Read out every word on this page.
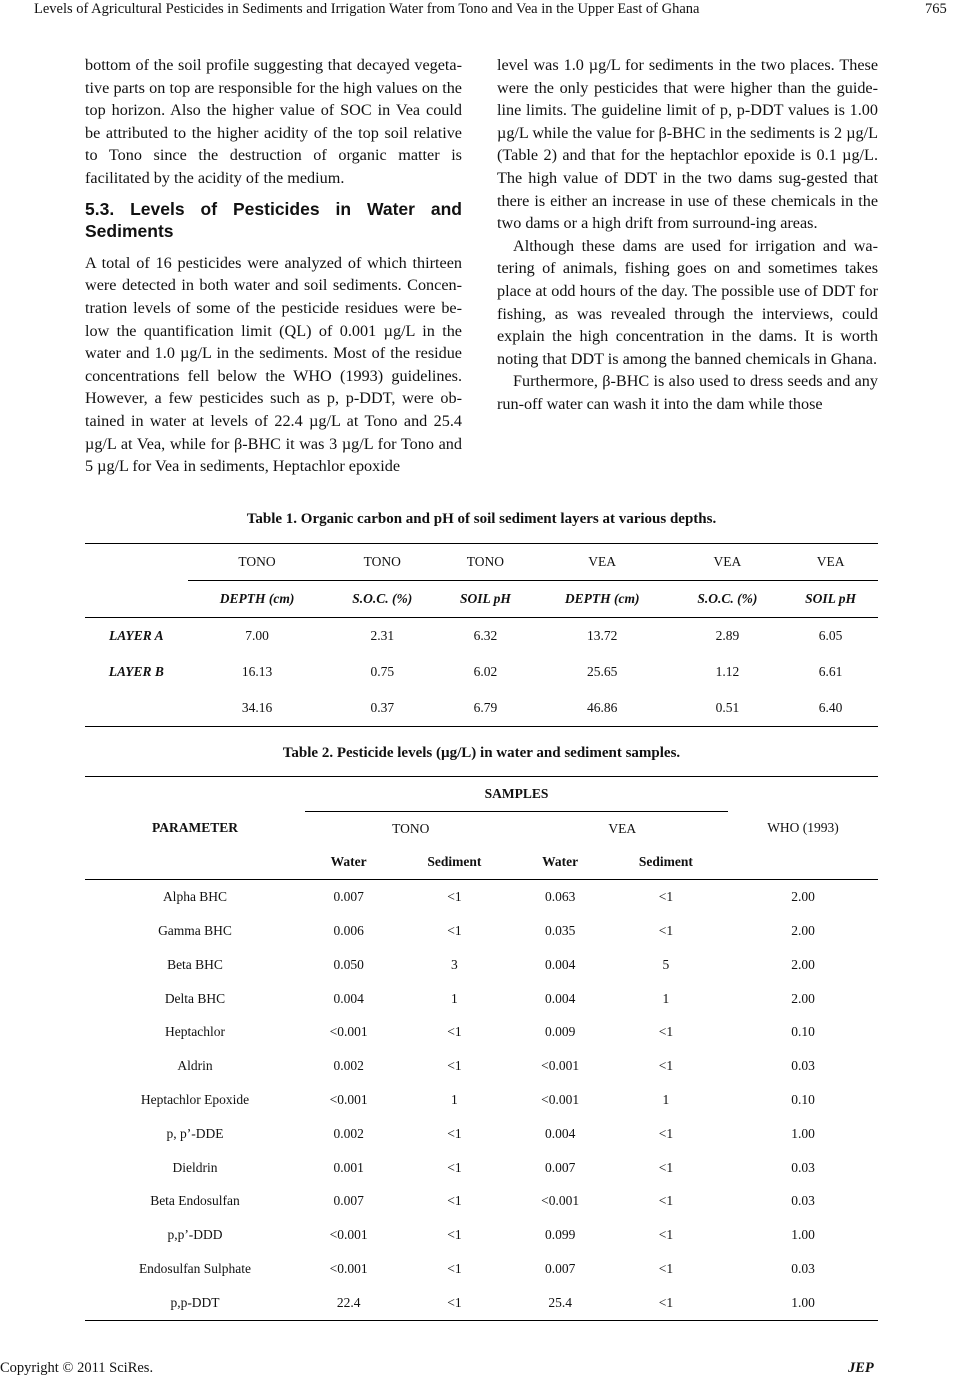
Levels of Agricultural Pesticides in Sediments and Irrigation Water from Tono and Vea in the Upper East of Ghana	765

bottom of the soil profile suggesting that decayed vegeta-tive parts on top are responsible for the high values on the top horizon. Also the higher value of SOC in Vea could be attributed to the higher acidity of the top soil relative to Tono since the destruction of organic matter is facilitated by the acidity of the medium.

5.3. Levels of Pesticides in Water and Sediments

A total of 16 pesticides were analyzed of which thirteen were detected in both water and soil sediments. Concen-tration levels of some of the pesticide residues were be-low the quantification limit (QL) of 0.001 µg/L in the water and 1.0 µg/L in the sediments. Most of the residue concentrations fell below the WHO (1993) guidelines. However, a few pesticides such as p, p-DDT, were ob-tained in water at levels of 22.4 µg/L at Tono and 25.4 µg/L at Vea, while for β-BHC it was 3 µg/L for Tono and 5 µg/L for Vea in sediments, Heptachlor epoxide

level was 1.0 µg/L for sediments in the two places. These were the only pesticides that were higher than the guide-line limits. The guideline limit of p, p-DDT values is 1.00 µg/L while the value for β-BHC in the sediments is 2 µg/L (Table 2) and that for the heptachlor epoxide is 0.1 µg/L. The high value of DDT in the two dams sug-gested that there is either an increase in use of these chemicals in the two dams or a high drift from surround-ing areas.

Although these dams are used for irrigation and wa-tering of animals, fishing goes on and sometimes takes place at odd hours of the day. The possible use of DDT for fishing, as was revealed through the interviews, could explain the high concentration in the dams. It is worth noting that DDT is among the banned chemicals in Ghana.

Furthermore, β-BHC is also used to dress seeds and any run-off water can wash it into the dam while those

Table 1. Organic carbon and pH of soil sediment layers at various depths.
	TONO	TONO	TONO	VEA	VEA	VEA
	DEPTH (cm)	S.O.C. (%)	SOIL pH	DEPTH (cm)	S.O.C. (%)	SOIL pH
LAYER A	7.00	2.31	6.32	13.72	2.89	6.05
LAYER B	16.13	0.75	6.02	25.65	1.12	6.61
	34.16	0.37	6.79	46.86	0.51	6.40
Table 2. Pesticide levels (µg/L) in water and sediment samples.
PARAMETER	SAMPLES				WHO (1993)
	TONO		VEA		
	Water	Sediment	Water	Sediment	
Alpha BHC	0.007	<1	0.063	<1	2.00
Gamma BHC	0.006	<1	0.035	<1	2.00
Beta BHC	0.050	3	0.004	5	2.00
Delta BHC	0.004	1	0.004	1	2.00
Heptachlor	<0.001	<1	0.009	<1	0.10
Aldrin	0.002	<1	<0.001	<1	0.03
Heptachlor Epoxide	<0.001	1	<0.001	1	0.10
p, p’-DDE	0.002	<1	0.004	<1	1.00
Dieldrin	0.001	<1	0.007	<1	0.03
Beta Endosulfan	0.007	<1	<0.001	<1	0.03
p,p’-DDD	<0.001	<1	0.099	<1	1.00
Endosulfan Sulphate	<0.001	<1	0.007	<1	0.03
p,p-DDT	22.4	<1	25.4	<1	1.00
Copyright © 2011 SciRes.	JEP
